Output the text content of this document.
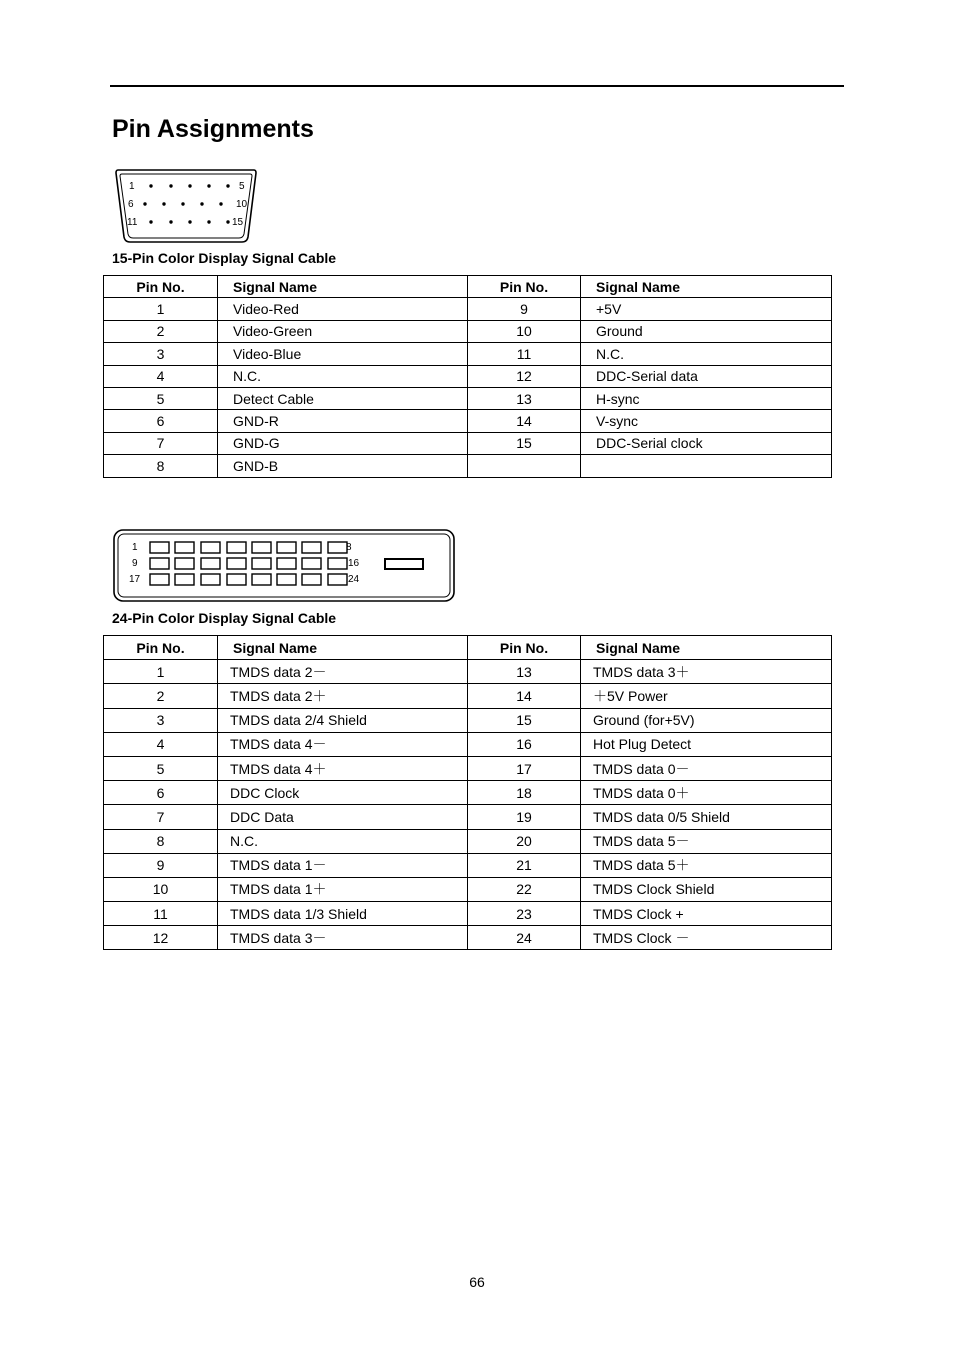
Pin Assignments
1	5
6	10
11	15
15-Pin Color Display Signal Cable
Pin No.	Signal Name	Pin No.	Signal Name
1	Video-Red	9	+5V
2	Video-Green	10	Ground
3	Video-Blue	11	N.C.
4	N.C.	12	DDC-Serial data
5	Detect Cable	13	H-sync
6	GND-R	14	V-sync
7	GND-G	15	DDC-Serial clock
8	GND-B		
1	8
9	16
17	24
24-Pin Color Display Signal Cable
Pin No.	Signal Name	Pin No.	Signal Name
1	TMDS data 2－	13	TMDS data 3＋
2	TMDS data 2＋	14	＋5V Power
3	TMDS data 2/4 Shield	15	Ground (for+5V)
4	TMDS data 4－	16	Hot Plug Detect
5	TMDS data 4＋	17	TMDS data 0－
6	DDC Clock	18	TMDS data 0＋
7	DDC Data	19	TMDS data 0/5 Shield
8	N.C.	20	TMDS data 5－
9	TMDS data 1－	21	TMDS data 5＋
10	TMDS data 1＋	22	TMDS Clock Shield
11	TMDS data 1/3 Shield	23	TMDS Clock +
12	TMDS data 3－	24	TMDS Clock －
66
